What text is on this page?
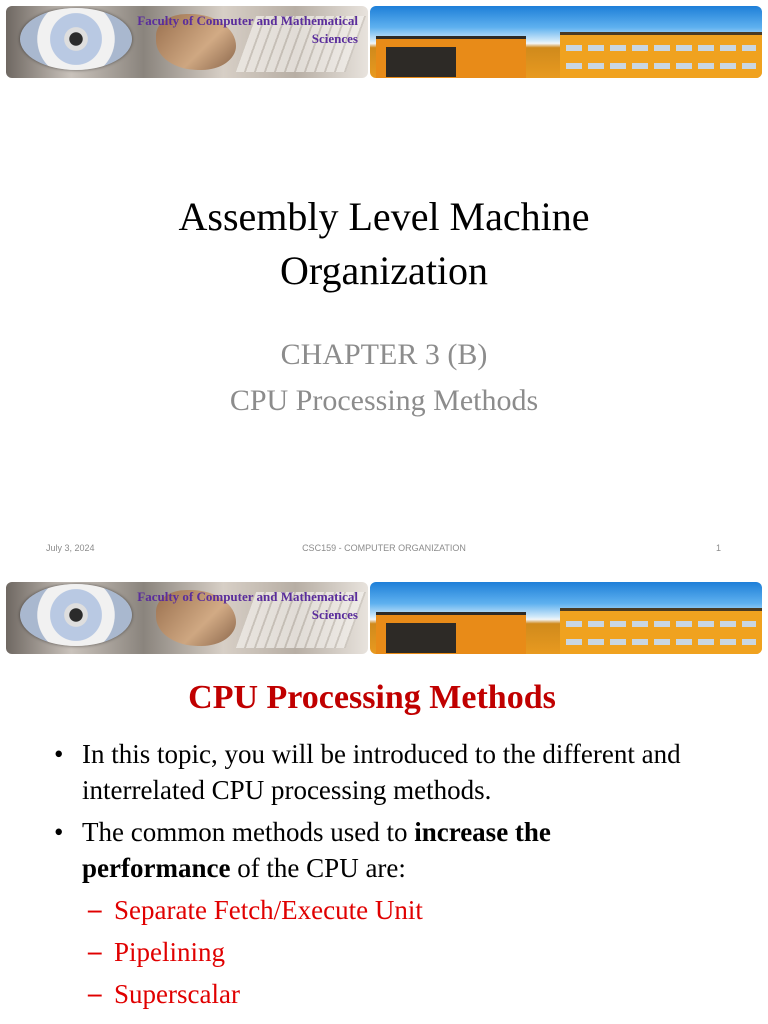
Faculty of Computer and Mathematical
Sciences
Assembly Level Machine
Organization
CHAPTER 3 (B)
CPU Processing Methods
July 3, 2024	CSC159 - COMPUTER ORGANIZATION	1
Faculty of Computer and Mathematical
Sciences
CPU Processing Methods
• In this topic, you will be introduced to the different and interrelated CPU processing methods.
• The common methods used to increase the
performance of the CPU are:
– Separate Fetch/Execute Unit
– Pipelining
– Superscalar
